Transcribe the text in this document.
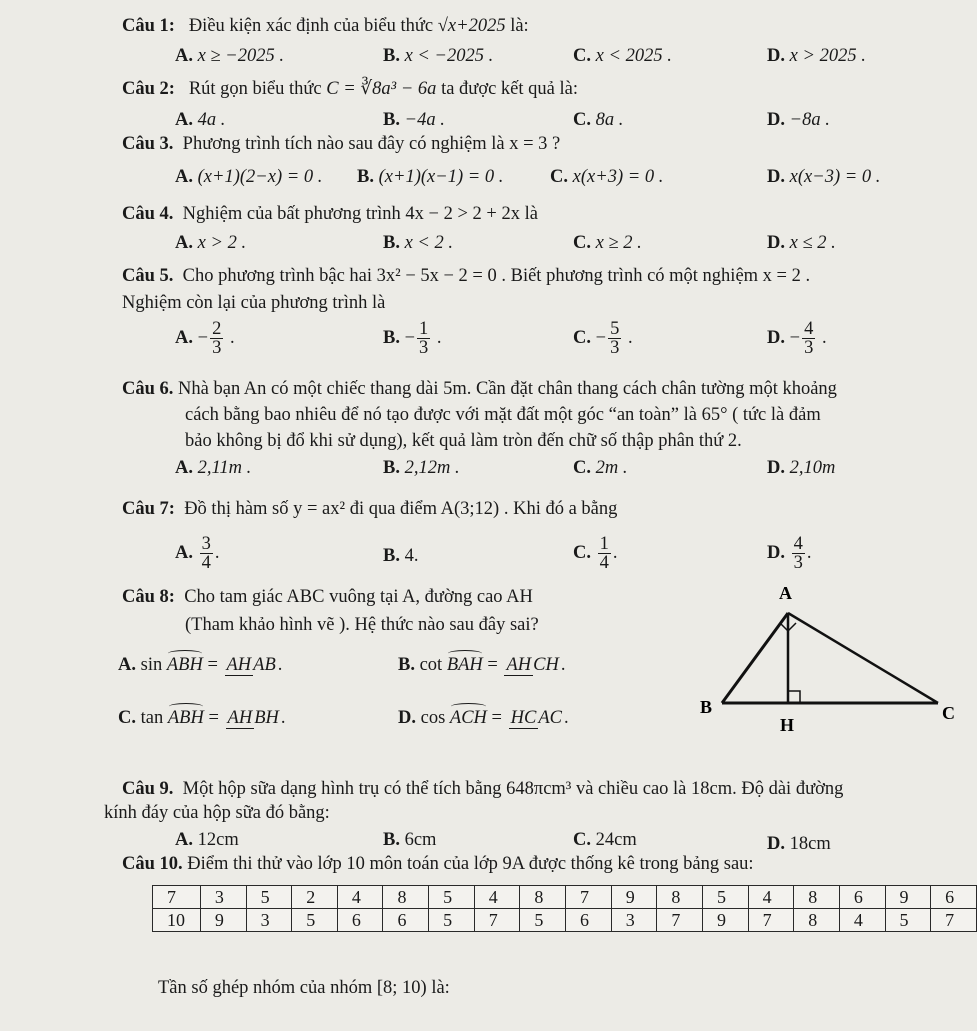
Câu 1: Điều kiện xác định của biểu thức √x+2025 là:
A. x ≥ −2025 .	B. x < −2025 .	C. x < 2025 .	D. x > 2025 .
Câu 2: Rút gọn biểu thức C = ∛8a³ − 6a ta được kết quả là:
A. 4a .	B. −4a .	C. 8a .	D. −8a .
Câu 3. Phương trình tích nào sau đây có nghiệm là x = 3 ?
A. (x+1)(2−x) = 0 . B. (x+1)(x−1) = 0 .	C. x(x+3) = 0 .	D. x(x−3) = 0 .
Câu 4. Nghiệm của bất phương trình 4x − 2 > 2 + 2x là
A. x > 2 .	B. x < 2 .	C. x ≥ 2 .	D. x ≤ 2 .
Câu 5. Cho phương trình bậc hai 3x² − 5x − 2 = 0 . Biết phương trình có một nghiệm x = 2 .
Nghiệm còn lại của phương trình là
A. − $\frac{2}{3}$ .	B. − $\frac{1}{3}$ .	C. − $\frac{5}{3}$ .	D. − $\frac{4}{3}$ .
Câu 6. Nhà bạn An có một chiếc thang dài 5m. Cần đặt chân thang cách chân tường một khoảng
cách bằng bao nhiêu để nó tạo được với mặt đất một góc “an toàn” là 65° ( tức là đảm
bảo không bị đổ khi sử dụng), kết quả làm tròn đến chữ số thập phân thứ 2.
A. 2,11m .	B. 2,12m .	C. 2m .	D. 2,10m
Câu 7: Đồ thị hàm số y = ax² đi qua điểm A(3;12) . Khi đó a bằng
A. $\frac{3}{4}$ .	B. 4.	C. $\frac{1}{4}$ .	D. $\frac{4}{3}$ .
Câu 8: Cho tam giác ABC vuông tại A, đường cao AH
(Tham khảo hình vẽ ). Hệ thức nào sau đây sai?
A. sin ABH = AH AB .	B. cot BAH = AH CH .
C. tan ABH = AH BH .	D. cos ACH = HC AC .
A
B	C
H
Câu 9. Một hộp sữa dạng hình trụ có thể tích bằng 648πcm³ và chiều cao là 18cm. Độ dài đường
kính đáy của hộp sữa đó bằng:
A. 12cm	B. 6cm	C. 24cm	D. 18cm
Câu 10. Điểm thi thử vào lớp 10 môn toán của lớp 9A được thống kê trong bảng sau:
7	3	5	2	4	8	5	4	8	7	9	8	5	4	8	6	9	6
10	9	3	5	6	6	5	7	5	6	3	7	9	7	8	4	5	7
Tần số ghép nhóm của nhóm [8; 10) là:
